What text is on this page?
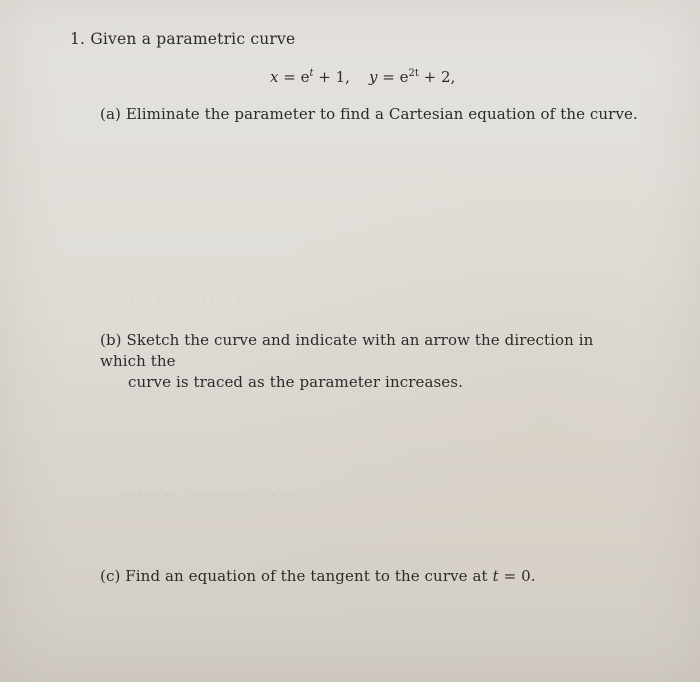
· · · · · · · · · · · · · · ·
· · · · · · · · · · · · · · · · · · · ·
· · · ·
1. Given a parametric curve
$x = e^t + 1$, $y = e^{2t} + 2$,
(a) Eliminate the parameter to find a Cartesian equation of the curve.
(b) Sketch the curve and indicate with an arrow the direction in which the
curve is traced as the parameter increases.
(c) Find an equation of the tangent to the curve at t = 0.
